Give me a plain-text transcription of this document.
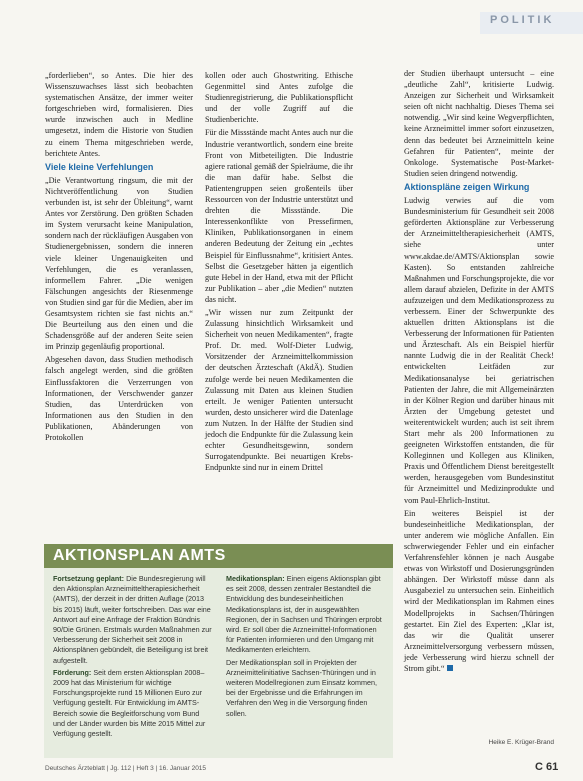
POLITIK

„forderlieben“, so Antes. Die hier des Wissenszuwachses lässt sich beobachten systematischen Ansätze, der immer weiter fortgeschrieben wird, formalisieren. Dies wurde inzwischen auch in Medline umgesetzt, indem die Historie von Studien zu einem Thema mitgeschrieben werde, berichtete Antes.

Viele kleine Verfehlungen

„Die Verantwortung ringsum, die mit der Nichtveröffentlichung von Studien verbunden ist, ist sehr der Übleitung“, warnt Antes vor Zerstörung. Den größten Schaden im System verursacht keine Manipulation, sondern nach der rückläufigen Ausgaben von Studienergebnissen, sondern die inneren viele kleiner Ungenauigkeiten und Verfehlungen, die es veranlassen, informellem Fahrer. „Die wenigen Fälschungen angesichts der Riesenmenge von Studien sind gar für die Medien, aber im Gesamtsystem richten sie fast nichts an.“ Die Beurteilung aus den einen und die Schadensgröße auf der anderen Seite seien im Prinzip gegenläufig proportional.

Abgesehen davon, dass Studien methodisch falsch angelegt werden, sind die größten Einflussfaktoren die Verzerrungen von Informationen, der Verschwender ganzer Studien, das Unterdrücken von Informationen aus den Studien in den Publikationen, Abänderungen von Protokollen

kollen oder auch Ghostwriting. Ethische Gegenmittel sind Antes zufolge die Studienregistrierung, die Publikationspflicht und der volle Zugriff auf die Studienberichte.

Für die Missstände macht Antes auch nur die Industrie verantwortlich, sondern eine breite Front von Mitbeteiligten. Die Industrie agiere rational gemäß der Spielräume, die ihr die man dafür habe. Selbst die Patientengruppen seien großenteils über Ressourcen von der Industrie unterstützt und drehten die Missstände. Die Interessenkonflikte von Pressefirmen, Kliniken, Publikationsorganen in einem anderen Bedeutung der Zeitung ein „echtes Beispiel für Einflussnahme“, kritisiert Antes. Selbst die Gesetzgeber hätten ja eigentlich gute Hebel in der Hand, etwa mit der Pflicht zur Publikation – aber „die Medien“ nutzten das nicht.

„Wir wissen nur zum Zeitpunkt der Zulassung hinsichtlich Wirksamkeit und Sicherheit von neuen Medikamenten“, fragte Prof. Dr. med. Wolf-Dieter Ludwig, Vorsitzender der Arzneimittelkommission der deutschen Ärzteschaft (AkdÄ). Studien zufolge werde bei neuen Medikamenten die Zulassung mit Daten aus kleinen Studien erteilt. Je weniger Patienten untersucht wurden, desto unsicherer wird die Datenlage zum Nutzen. In der Hälfte der Studien sind jedoch die Endpunkte für die Zulassung kein echter Gesundheitsgewinn, sondern Surrogatendpunkte. Bei neuartigen Krebs-Endpunkte sind nur in einem Drittel

der Studien überhaupt untersucht – eine „deutliche Zahl“, kritisierte Ludwig. Anzeigen zur Sicherheit und Wirksamkeit seien oft nicht nachhaltig. Dieses Thema sei notwendig. „Wir sind keine Wegverpflichten, keine Arzneimittel immer sofort einzusetzen, denn das bedeutet bei Arzneimitteln keine Gefahren für Patienten“, meinte der Onkologe. Systematische Post-Market-Studien seien dringend notwendig.

Aktionspläne zeigen Wirkung

Ludwig verwies auf die vom Bundesministerium für Gesundheit seit 2008 geförderten Aktionspläne zur Verbesserung der Arzneimitteltherapiesicherheit (AMTS, siehe unter www.akdae.de/AMTS/Aktionsplan sowie Kasten). So entstanden zahlreiche Maßnahmen und Forschungsprojekte, die vor allem darauf abzielen, Defizite in der AMTS aufzuzeigen und dem Medikationsprozess zu verbessern. Einer der Schwerpunkte des aktuellen dritten Aktionsplans ist die Verbesserung der Informationen für Patienten und Ärzteschaft. Als ein Beispiel hierfür nannte Ludwig die in der Realität Check! entwickelten Leitfäden zur Medikationsanalyse bei geriatrischen Patienten der Jahre, die mit Allgemeinärzten in der Kölner Region und darüber hinaus mit Ärzten der Umgebung getestet und weiterentwickelt wurden; auch ist seit ihrem Start mehr als 200 Informationen zu geeigneten Wirkstoffen entstanden, die für Kolleginnen und Kollegen aus Kliniken, Praxis und Öffentlichem Dienst bereitgestellt werden, herausgegeben vom Bundesinstitut für Arzneimittel und Medizinprodukte und vom Paul-Ehrlich-Institut.

Ein weiteres Beispiel ist der bundeseinheitliche Medikationsplan, der unter anderem wie mögliche Anfallen. Ein schwerwiegender Fehler und ein einfacher Verfahrensfehler können je nach Ausgabe etwas von Wirkstoff und Dosierungsgründen abhängen. Der Wirkstoff müsse dann als Ausgabeziel zu untersuchen sein. Einheitlich wird der Medikationsplan im Rahmen eines Modellprojekts in Sachsen/Thüringen gestartet. Ein Ziel des Experten: „Klar ist, das wir die Qualität unserer Arzneimittelversorgung verbessern müssen, jede Verbesserung wird hierzu schnell der Strom gibt.“

Heike E. Krüger-Brand
AKTIONSPLAN AMTS

Fortsetzung geplant: Die Bundesregierung will den Aktionsplan Arzneimitteltherapiesicherheit (AMTS), der derzeit in der dritten Auflage (2013 bis 2015) läuft, weiter fortschreiben. Das war eine Antwort auf eine Anfrage der Fraktion Bündnis 90/Die Grünen. Erstmals wurden Maßnahmen zur Verbesserung der Sicherheit seit 2008 in Aktionsplänen gebündelt, die Beteiligung ist breit aufgestellt.

Förderung: Seit dem ersten Aktionsplan 2008–2009 hat das Ministerium für wichtige Forschungsprojekte rund 15 Millionen Euro zur Verfügung gestellt. Für Entwicklung im AMTS-Bereich sowie die Begleitforschung vom Bund und der Länder wurden bis Mitte 2015 Mittel zur Verfügung gestellt.

Medikationsplan: Einen eigens Aktionsplan gibt es seit 2008, dessen zentraler Bestandteil die Entwicklung des bundeseinheitlichen Medikationsplans ist, der in ausgewählten Regionen, der in Sachsen und Thüringen erprobt wird. Er soll über die Arzneimittel-Informationen für Patienten informieren und den Umgang mit Medikamenten erleichtern.

Der Medikationsplan soll in Projekten der Arzneimittelinitiative Sachsen-Thüringen und in weiteren Modellregionen zum Einsatz kommen, bei der Ergebnisse und die Erfahrungen im Verfahren den Weg in die Versorgung finden sollen.

Deutsches Ärzteblatt | Jg. 112 | Heft 3 | 16. Januar 2015	C 61
